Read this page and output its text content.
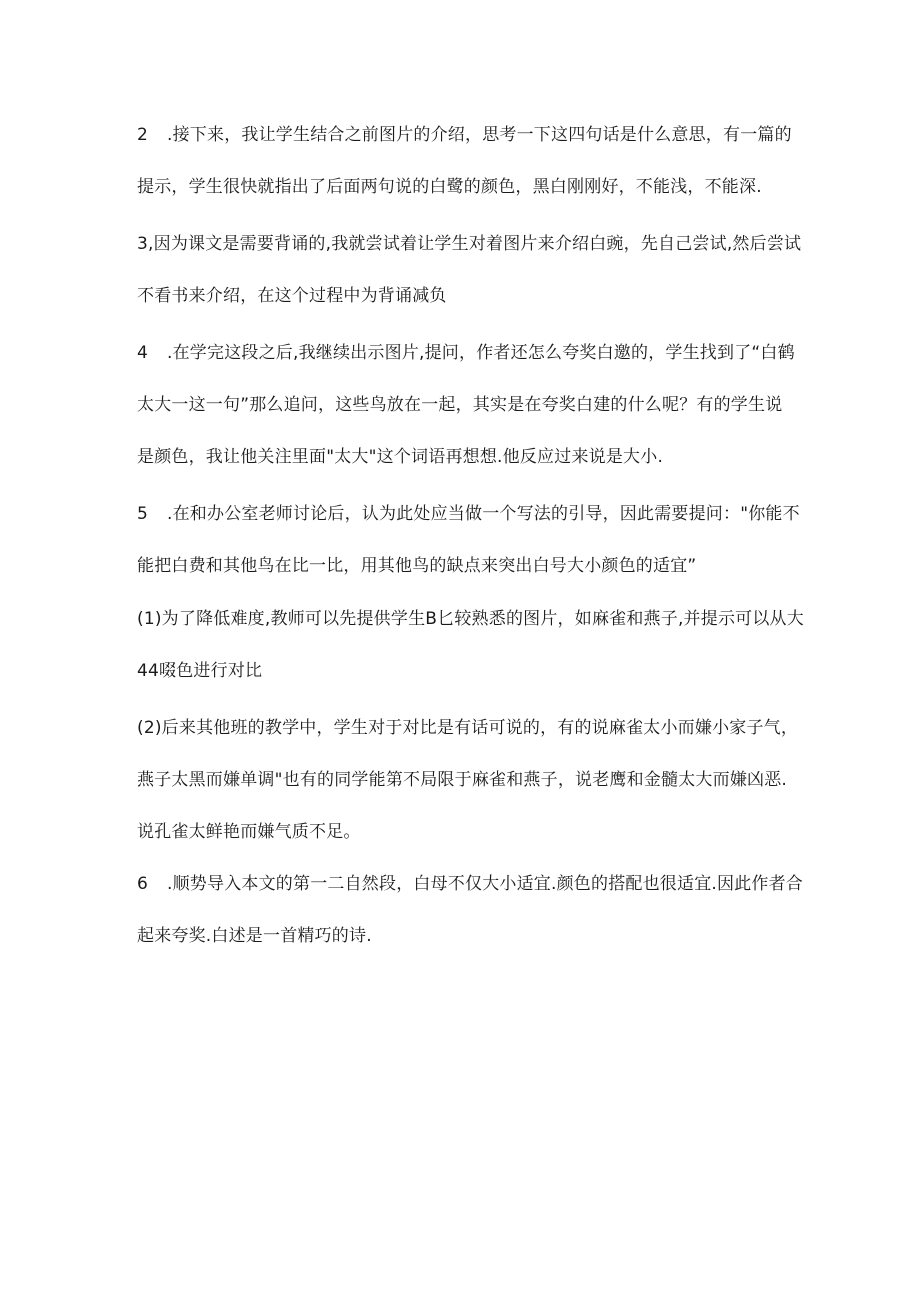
2 .接下来，我让学生结合之前图片的介绍，思考一下这四句话是什么意思，有一篇的
提示，学生很快就指出了后面两句说的白鹭的颜色，黑白刚刚好，不能浅，不能深.
3,因为课文是需要背诵的,我就尝试着让学生对着图片来介绍白豌，先自己尝试,然后尝试
不看书来介绍，在这个过程中为背诵减负
4 .在学完这段之后,我继续出示图片,提问，作者还怎么夸奖白邀的，学生找到了“白鹤
太大一这一句”那么追问，这些鸟放在一起，其实是在夸奖白建的什么呢？有的学生说
是颜色，我让他关注里面"太大"这个词语再想想.他反应过来说是大小.
5 .在和办公室老师讨论后，认为此处应当做一个写法的引导，因此需要提问："你能不
能把白费和其他鸟在比一比，用其他鸟的缺点来突出白号大小颜色的适宜”
(1)为了降低难度,教师可以先提供学生B匕较熟悉的图片，如麻雀和燕子,并提示可以从大
44啜色进行对比
(2)后来其他班的教学中，学生对于对比是有话可说的，有的说麻雀太小而嫌小家子气，
燕子太黑而嫌单调"也有的同学能第不局限于麻雀和燕子，说老鹰和金髓太大而嫌凶恶.
说孔雀太鲜艳而嫌气质不足。
6 .顺势导入本文的第一二自然段，白母不仅大小适宜.颜色的搭配也很适宜.因此作者合
起来夸奖.白述是一首精巧的诗.
